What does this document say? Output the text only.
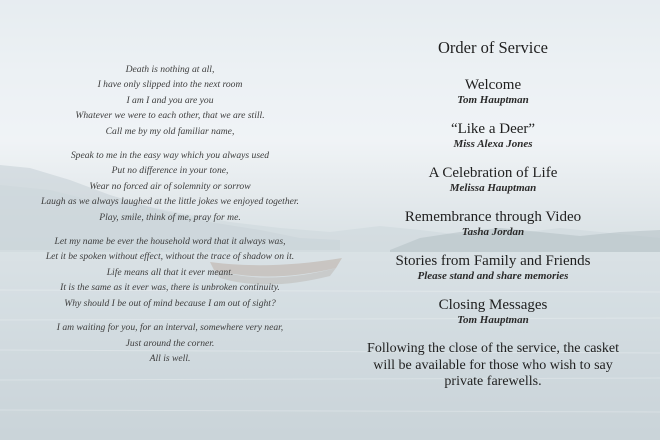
Death is nothing at all,
I have only slipped into the next room
I am I and you are you
Whatever we were to each other, that we are still.
Call me by my old familiar name,
Speak to me in the easy way which you always used
Put no difference in your tone,
Wear no forced air of solemnity or sorrow
Laugh as we always laughed at the little jokes we enjoyed together.
Play, smile, think of me, pray for me.
Let my name be ever the household word that it always was,
Let it be spoken without effect, without the trace of shadow on it.
Life means all that it ever meant.
It is the same as it ever was, there is unbroken continuity.
Why should I be out of mind because I am out of sight?
I am waiting for you, for an interval, somewhere very near,
Just around the corner.
All is well.
Order of Service
Welcome
Tom Hauptman
“Like a Deer”
Miss Alexa Jones
A Celebration of Life
Melissa Hauptman
Remembrance through Video
Tasha Jordan
Stories from Family and Friends
Please stand and share memories
Closing Messages
Tom Hauptman
Following the close of the service, the casket will be available for those who wish to say private farewells.
